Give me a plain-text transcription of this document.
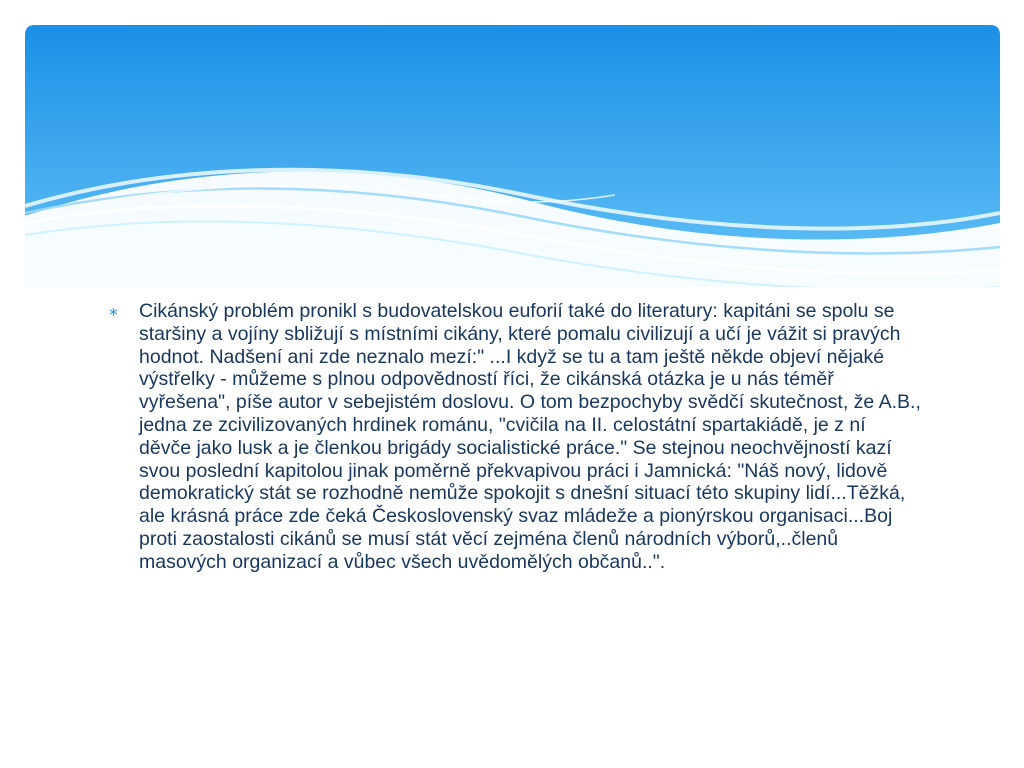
∗	Cikánský problém pronikl s budovatelskou euforií také do literatury: kapitáni se spolu se staršiny a vojíny sbližují s místními cikány, které pomalu civilizují a učí je vážit si pravých hodnot. Nadšení ani zde neznalo mezí:" ...I když se tu a tam ještě někde objeví nějaké výstřelky - můžeme s plnou odpovědností říci, že cikánská otázka je u nás téměř vyřešena", píše autor v sebejistém doslovu. O tom bezpochyby svědčí skutečnost, že A.B., jedna ze zcivilizovaných hrdinek románu, "cvičila na II. celostátní spartakiádě, je z ní děvče jako lusk a je členkou brigády socialistické práce." Se stejnou neochvějností kazí svou poslední kapitolou jinak poměrně překvapivou práci i Jamnická: "Náš nový, lidově demokratický stát se rozhodně nemůže spokojit s dnešní situací této skupiny lidí...Těžká, ale krásná práce zde čeká Československý svaz mládeže a pionýrskou organisaci...Boj proti zaostalosti cikánů se musí stát věcí zejména členů národních výborů,..členů masových organizací a vůbec všech uvědomělých občanů..".
